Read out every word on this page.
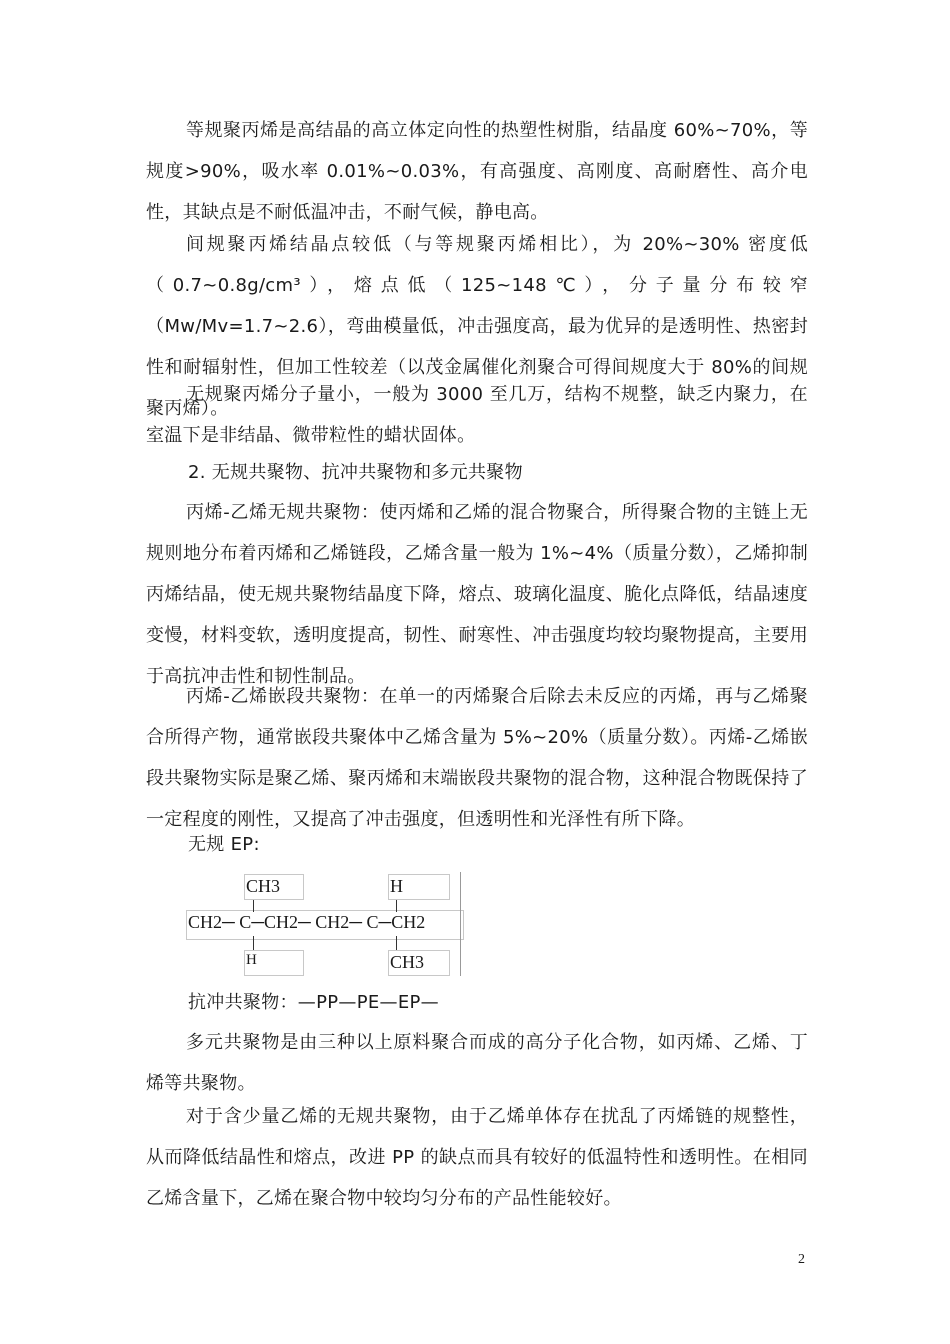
等规聚丙烯是高结晶的高立体定向性的热塑性树脂，结晶度 60%~70%，等规度>90%，吸水率 0.01%~0.03%，有高强度、高刚度、高耐磨性、高介电性，其缺点是不耐低温冲击，不耐气候，静电高。

间规聚丙烯结晶点较低（与等规聚丙烯相比），为 20%~30% 密度低（0.7~0.8g/cm³），熔点低（125~148℃），分子量分布较窄（Mw/Mv=1.7~2.6），弯曲模量低，冲击强度高，最为优异的是透明性、热密封性和耐辐射性，但加工性较差（以茂金属催化剂聚合可得间规度大于 80%的间规聚丙烯）。

无规聚丙烯分子量小，一般为 3000 至几万，结构不规整，缺乏内聚力，在室温下是非结晶、微带粒性的蜡状固体。

2. 无规共聚物、抗冲共聚物和多元共聚物

丙烯-乙烯无规共聚物：使丙烯和乙烯的混合物聚合，所得聚合物的主链上无规则地分布着丙烯和乙烯链段，乙烯含量一般为 1%~4%（质量分数），乙烯抑制丙烯结晶，使无规共聚物结晶度下降，熔点、玻璃化温度、脆化点降低，结晶速度变慢，材料变软，透明度提高，韧性、耐寒性、冲击强度均较均聚物提高，主要用于高抗冲击性和韧性制品。

丙烯-乙烯嵌段共聚物：在单一的丙烯聚合后除去未反应的丙烯，再与乙烯聚合所得产物，通常嵌段共聚体中乙烯含量为 5%~20%（质量分数）。丙烯-乙烯嵌段共聚物实际是聚乙烯、聚丙烯和末端嵌段共聚物的混合物，这种混合物既保持了一定程度的刚性，又提高了冲击强度，但透明性和光泽性有所下降。

无规 EP:

CH3	H
CH2─ C─CH2─ CH2─ C─CH2
H	CH3

抗冲共聚物：—PP—PE—EP—

多元共聚物是由三种以上原料聚合而成的高分子化合物，如丙烯、乙烯、丁烯等共聚物。

对于含少量乙烯的无规共聚物，由于乙烯单体存在扰乱了丙烯链的规整性，从而降低结晶性和熔点，改进 PP 的缺点而具有较好的低温特性和透明性。在相同乙烯含量下，乙烯在聚合物中较均匀分布的产品性能较好。

2
